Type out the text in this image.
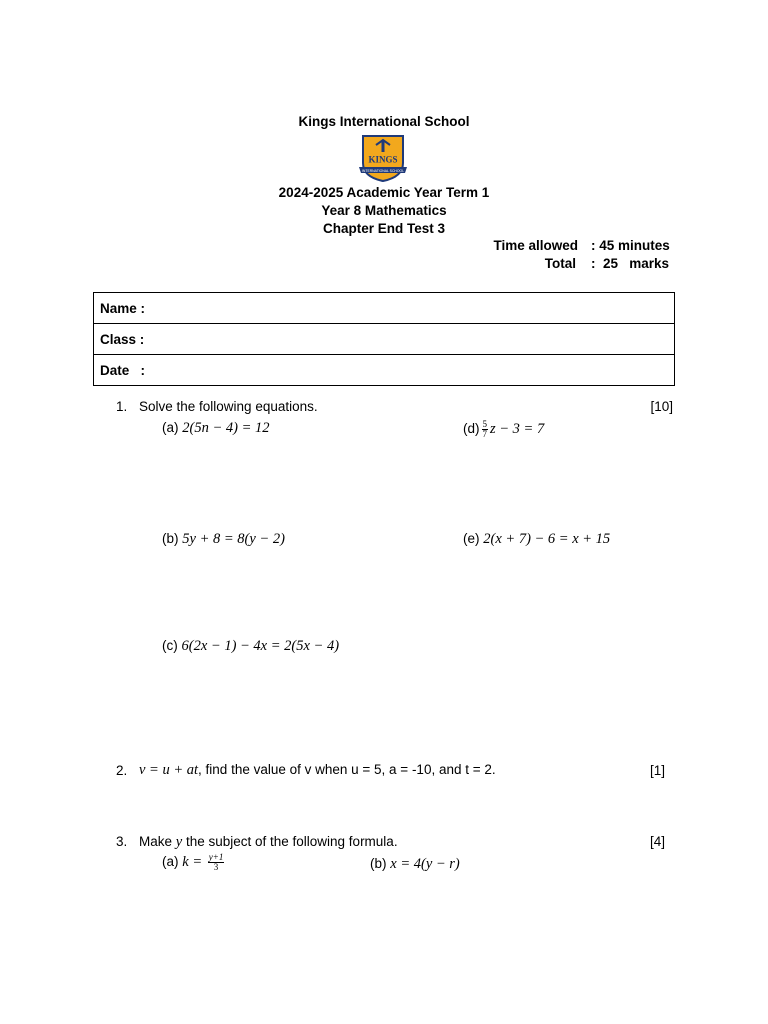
Kings International School
KINGS
INTERNATIONAL SCHOOL
2024-2025 Academic Year Term 1
Year 8 Mathematics
Chapter End Test 3
Time allowed : 45 minutes
Total :  25   marks
Name :
Class :
Date   :
1. Solve the following equations.	[10]
(a) 2(5n − 4) = 12	$(d) \frac{5}{7}$ z − 3 = 7
(b) 5y + 8 = 8(y − 2)	(e) 2(x + 7) − 6 = x + 15
(c) 6(2x − 1) − 4x = 2(5x − 4)
2. v = u + at, find the value of v when u = 5, a = -10, and t = 2.	[1]
3. Make y the subject of the following formula.	[4]
(a) $k = \frac{y+1}{3}$	(b) x = 4(y − r)
